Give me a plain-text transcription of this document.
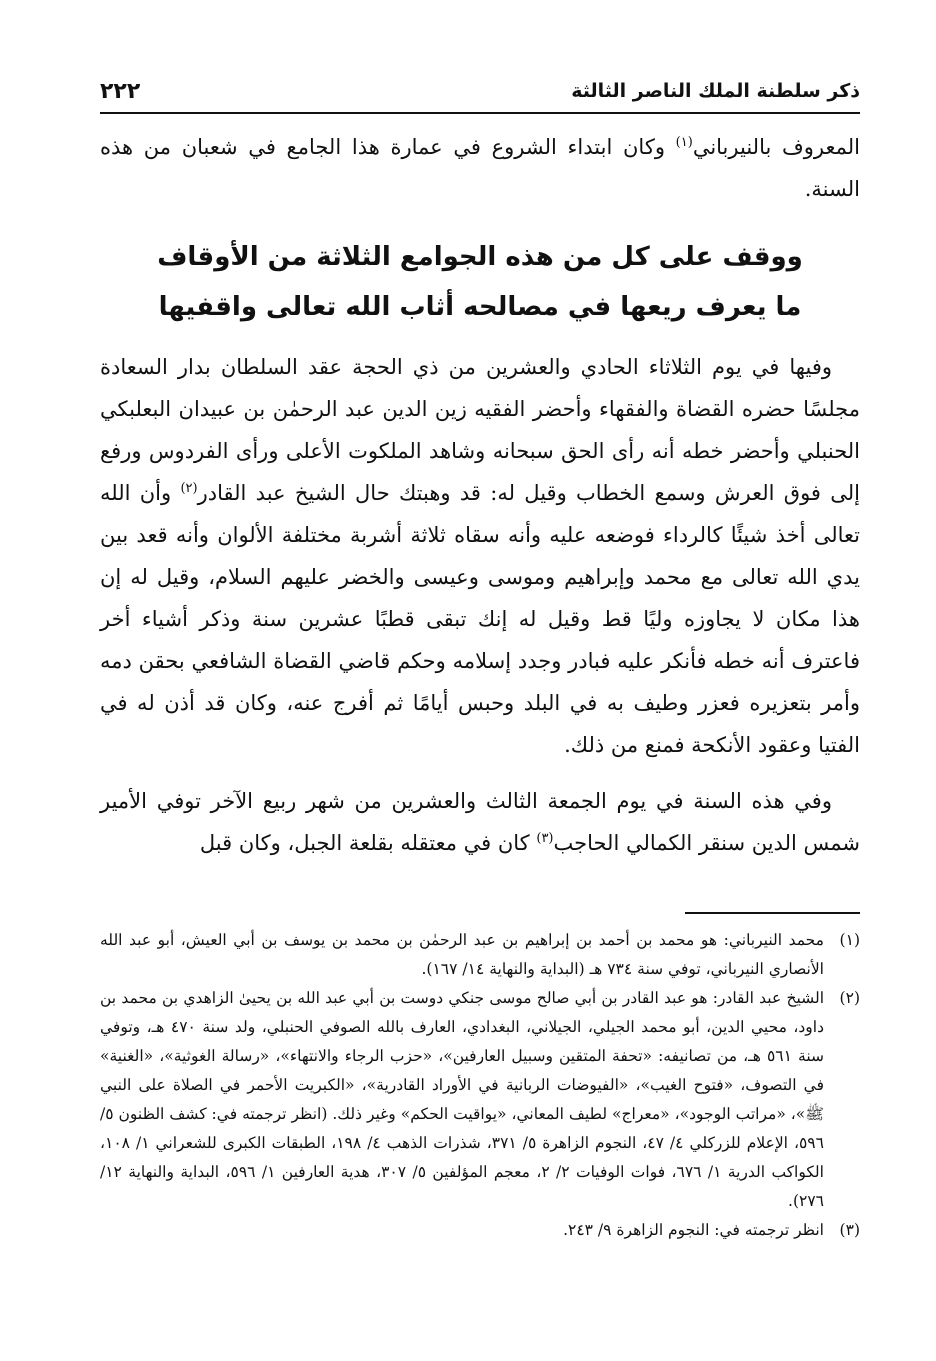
ذكر سلطنة الملك الناصر الثالثة
٢٢٢

المعروف بالنيرباني$^{(١)}$ وكان ابتداء الشروع في عمارة هذا الجامع في شعبان من هذه السنة.

ووقف على كل من هذه الجوامع الثلاثة من الأوقاف
ما يعرف ريعها في مصالحه أثاب الله تعالى واقفيها

وفيها في يوم الثلاثاء الحادي والعشرين من ذي الحجة عقد السلطان بدار السعادة مجلسًا حضره القضاة والفقهاء وأحضر الفقيه زين الدين عبد الرحمٰن بن عبيدان البعلبكي الحنبلي وأحضر خطه أنه رأى الحق سبحانه وشاهد الملكوت الأعلى ورأى الفردوس ورفع إلى فوق العرش وسمع الخطاب وقيل له: قد وهبتك حال الشيخ عبد القادر$^{(٢)}$ وأن الله تعالى أخذ شيئًا كالرداء فوضعه عليه وأنه سقاه ثلاثة أشربة مختلفة الألوان وأنه قعد بين يدي الله تعالى مع محمد وإبراهيم وموسى وعيسى والخضر عليهم السلام، وقيل له إن هذا مكان لا يجاوزه وليًا قط وقيل له إنك تبقى قطبًا عشرين سنة وذكر أشياء أخر فاعترف أنه خطه فأنكر عليه فبادر وجدد إسلامه وحكم قاضي القضاة الشافعي بحقن دمه وأمر بتعزيره فعزر وطيف به في البلد وحبس أيامًا ثم أفرج عنه، وكان قد أذن له في الفتيا وعقود الأنكحة فمنع من ذلك.

وفي هذه السنة في يوم الجمعة الثالث والعشرين من شهر ربيع الآخر توفي الأمير شمس الدين سنقر الكمالي الحاجب$^{(٣)}$ كان في معتقله بقلعة الجبل، وكان قبل

(١)
محمد النيرباني: هو محمد بن أحمد بن إبراهيم بن عبد الرحمٰن بن محمد بن يوسف بن أبي العيش، أبو عبد الله الأنصاري النيرباني، توفي سنة ٧٣٤ هـ (البداية والنهاية ١٤/ ١٦٧).
(٢)
الشيخ عبد القادر: هو عبد القادر بن أبي صالح موسى جنكي دوست بن أبي عبد الله بن يحيىٰ الزاهدي بن محمد بن داود، محيي الدين، أبو محمد الجيلي، الجيلاني، البغدادي، العارف بالله الصوفي الحنبلي، ولد سنة ٤٧٠ هـ، وتوفي سنة ٥٦١ هـ، من تصانيفه: «تحفة المتقين وسبيل العارفين»، «حزب الرجاء والانتهاء»، «رسالة الغوثية»، «الغنية» في التصوف، «فتوح الغيب»، «الفيوضات الربانية في الأوراد القادرية»، «الكبريت الأحمر في الصلاة على النبي ﷺ»، «مراتب الوجود»، «معراج» لطيف المعاني، «يواقيت الحكم» وغير ذلك. (انظر ترجمته في: كشف الظنون ٥/ ٥٩٦، الإعلام للزركلي ٤/ ٤٧، النجوم الزاهرة ٥/ ٣٧١، شذرات الذهب ٤/ ١٩٨، الطبقات الكبرى للشعراني ١/ ١٠٨، الكواكب الدرية ١/ ٦٧٦، فوات الوفيات ٢/ ٢، معجم المؤلفين ٥/ ٣٠٧، هدية العارفين ١/ ٥٩٦، البداية والنهاية ١٢/ ٢٧٦).
(٣)
انظر ترجمته في: النجوم الزاهرة ٩/ ٢٤٣.
